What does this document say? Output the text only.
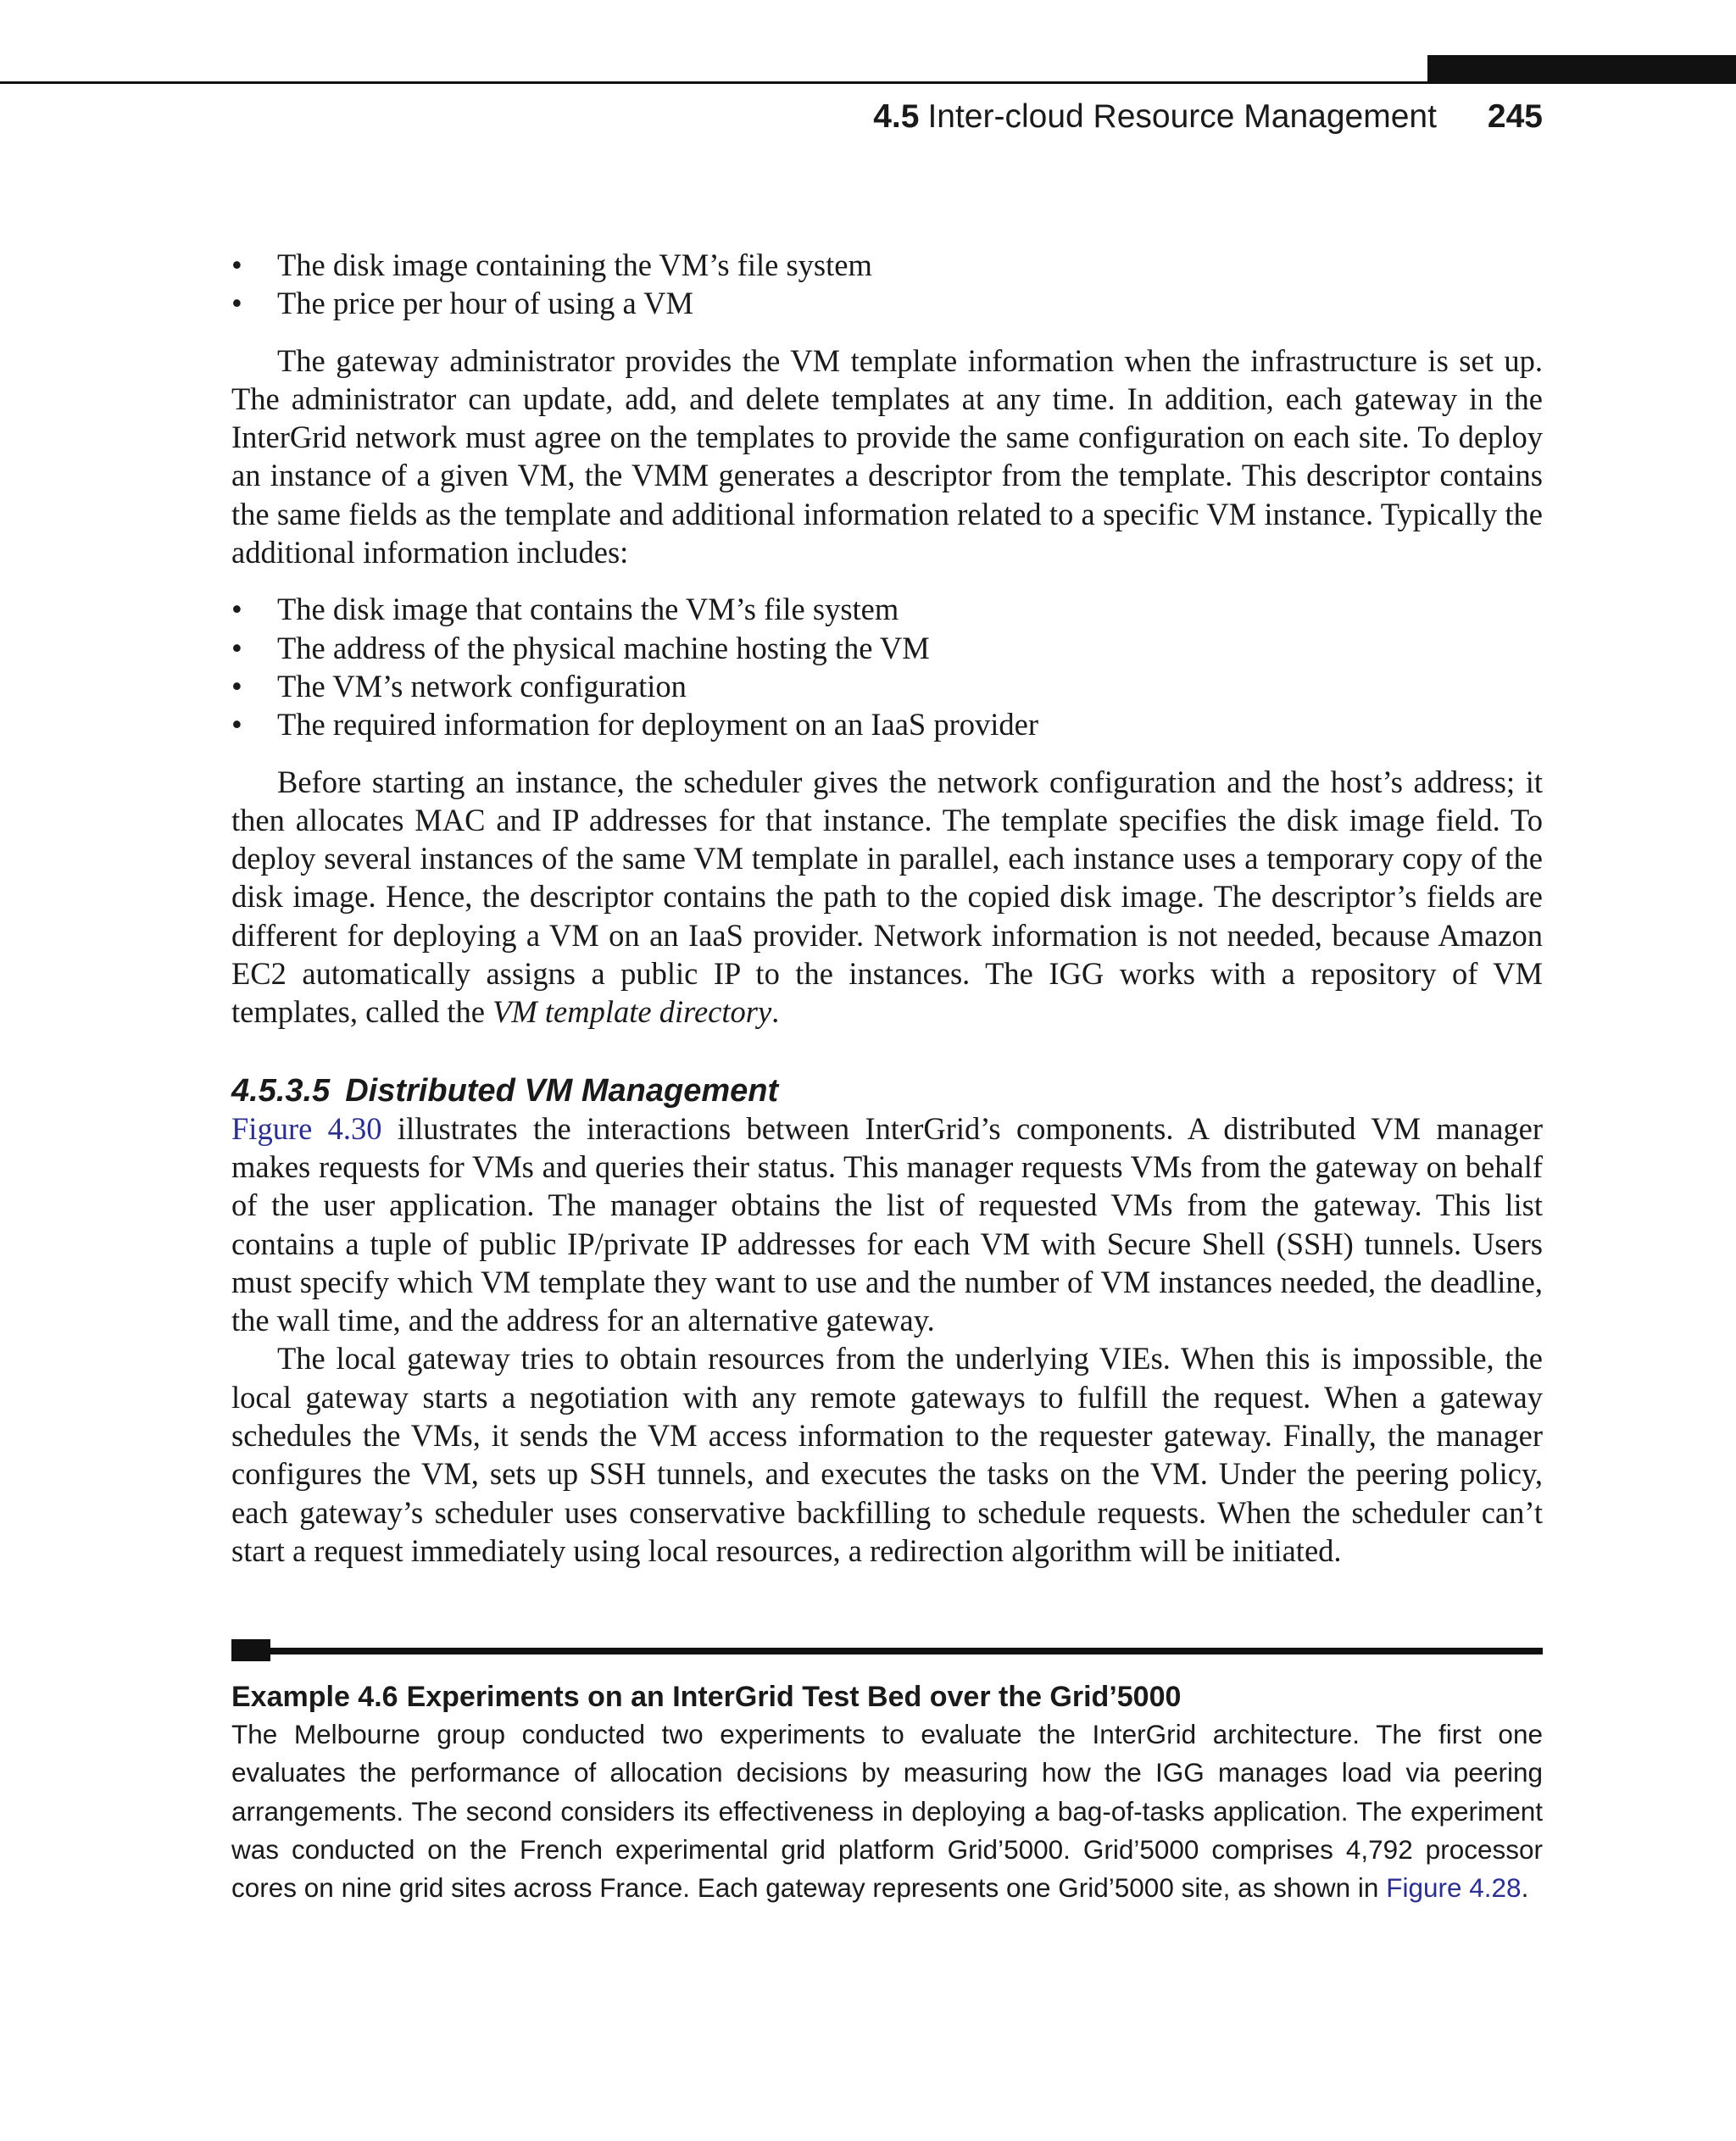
4.5 Inter-cloud Resource Management 245
• The disk image containing the VM’s file system
• The price per hour of using a VM

The gateway administrator provides the VM template information when the infrastructure is set up. The administrator can update, add, and delete templates at any time. In addition, each gateway in the InterGrid network must agree on the templates to provide the same configuration on each site. To deploy an instance of a given VM, the VMM generates a descriptor from the template. This descriptor contains the same fields as the template and additional information related to a specific VM instance. Typically the additional information includes:

• The disk image that contains the VM’s file system
• The address of the physical machine hosting the VM
• The VM’s network configuration
• The required information for deployment on an IaaS provider

Before starting an instance, the scheduler gives the network configuration and the host’s address; it then allocates MAC and IP addresses for that instance. The template specifies the disk image field. To deploy several instances of the same VM template in parallel, each instance uses a temporary copy of the disk image. Hence, the descriptor contains the path to the copied disk image. The descriptor’s fields are different for deploying a VM on an IaaS provider. Network information is not needed, because Amazon EC2 automatically assigns a public IP to the instances. The IGG works with a repository of VM templates, called the VM template directory.

4.5.3.5 Distributed VM Management

Figure 4.30 illustrates the interactions between InterGrid’s components. A distributed VM manager makes requests for VMs and queries their status. This manager requests VMs from the gateway on behalf of the user application. The manager obtains the list of requested VMs from the gateway. This list contains a tuple of public IP/private IP addresses for each VM with Secure Shell (SSH) tunnels. Users must specify which VM template they want to use and the number of VM instances needed, the deadline, the wall time, and the address for an alternative gateway.

The local gateway tries to obtain resources from the underlying VIEs. When this is impossible, the local gateway starts a negotiation with any remote gateways to fulfill the request. When a gateway schedules the VMs, it sends the VM access information to the requester gateway. Finally, the manager configures the VM, sets up SSH tunnels, and executes the tasks on the VM. Under the peering policy, each gateway’s scheduler uses conservative backfilling to schedule requests. When the scheduler can’t start a request immediately using local resources, a redirection algorithm will be initiated.

Example 4.6 Experiments on an InterGrid Test Bed over the Grid’5000

The Melbourne group conducted two experiments to evaluate the InterGrid architecture. The first one evaluates the performance of allocation decisions by measuring how the IGG manages load via peering arrangements. The second considers its effectiveness in deploying a bag-of-tasks application. The experiment was conducted on the French experimental grid platform Grid’5000. Grid’5000 comprises 4,792 processor cores on nine grid sites across France. Each gateway represents one Grid’5000 site, as shown in Figure 4.28.
